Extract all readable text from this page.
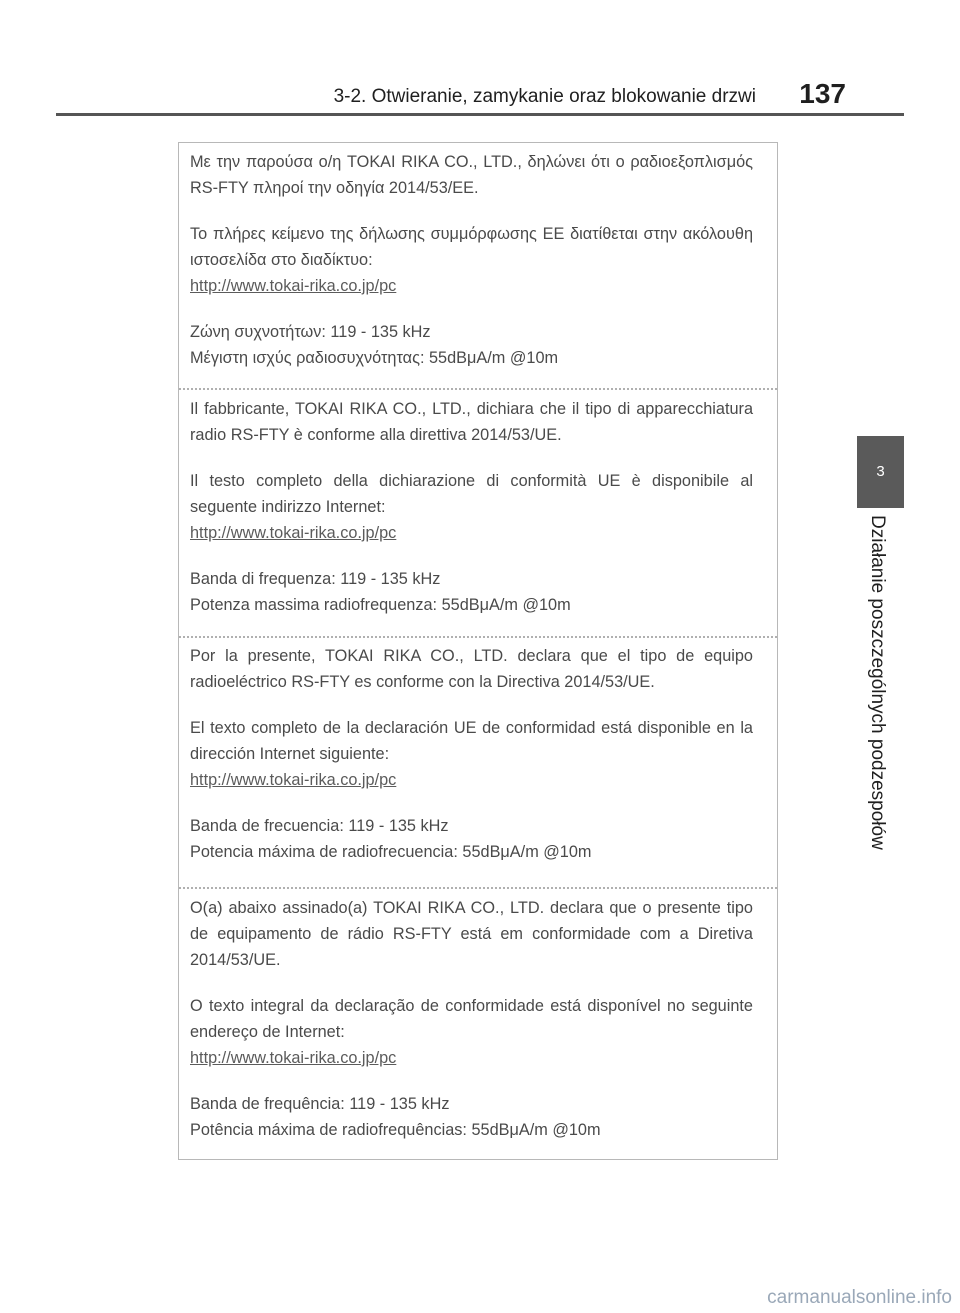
3-2. Otwieranie, zamykanie oraz blokowanie drzwi 137
3
Działanie poszczególnych podzespołów

Με την παρούσα ο/η TOKAI RIKA CO., LTD., δηλώνει ότι ο ραδιοεξοπλισμός RS-FTY πληροί την οδηγία 2014/53/ΕΕ.

Το πλήρες κείμενο της δήλωσης συμμόρφωσης ΕΕ διατίθεται στην ακόλουθη ιστοσελίδα στο διαδίκτυο:

http://www.tokai-rika.co.jp/pc

Ζώνη συχνοτήτων: 119 - 135 kHz

Μέγιστη ισχύς ραδιοσυχνότητας: 55dBμA/m @10m

Il fabbricante, TOKAI RIKA CO., LTD., dichiara che il tipo di apparecchiatura radio RS-FTY è conforme alla direttiva 2014/53/UE.

Il testo completo della dichiarazione di conformità UE è disponibile al seguente indirizzo Internet:

http://www.tokai-rika.co.jp/pc

Banda di frequenza: 119 - 135 kHz

Potenza massima radiofrequenza: 55dBμA/m @10m

Por la presente, TOKAI RIKA CO., LTD. declara que el tipo de equipo radioeléctrico RS-FTY es conforme con la Directiva 2014/53/UE.

El texto completo de la declaración UE de conformidad está disponible en la dirección Internet siguiente:

http://www.tokai-rika.co.jp/pc

Banda de frecuencia: 119 - 135 kHz

Potencia máxima de radiofrecuencia: 55dBμA/m @10m

O(a) abaixo assinado(a) TOKAI RIKA CO., LTD. declara que o presente tipo de equipamento de rádio RS-FTY está em conformidade com a Diretiva 2014/53/UE.

O texto integral da declaração de conformidade está disponível no seguinte endereço de Internet:

http://www.tokai-rika.co.jp/pc

Banda de frequência: 119 - 135 kHz

Potência máxima de radiofrequências: 55dBμA/m @10m

carmanualsonline.info
